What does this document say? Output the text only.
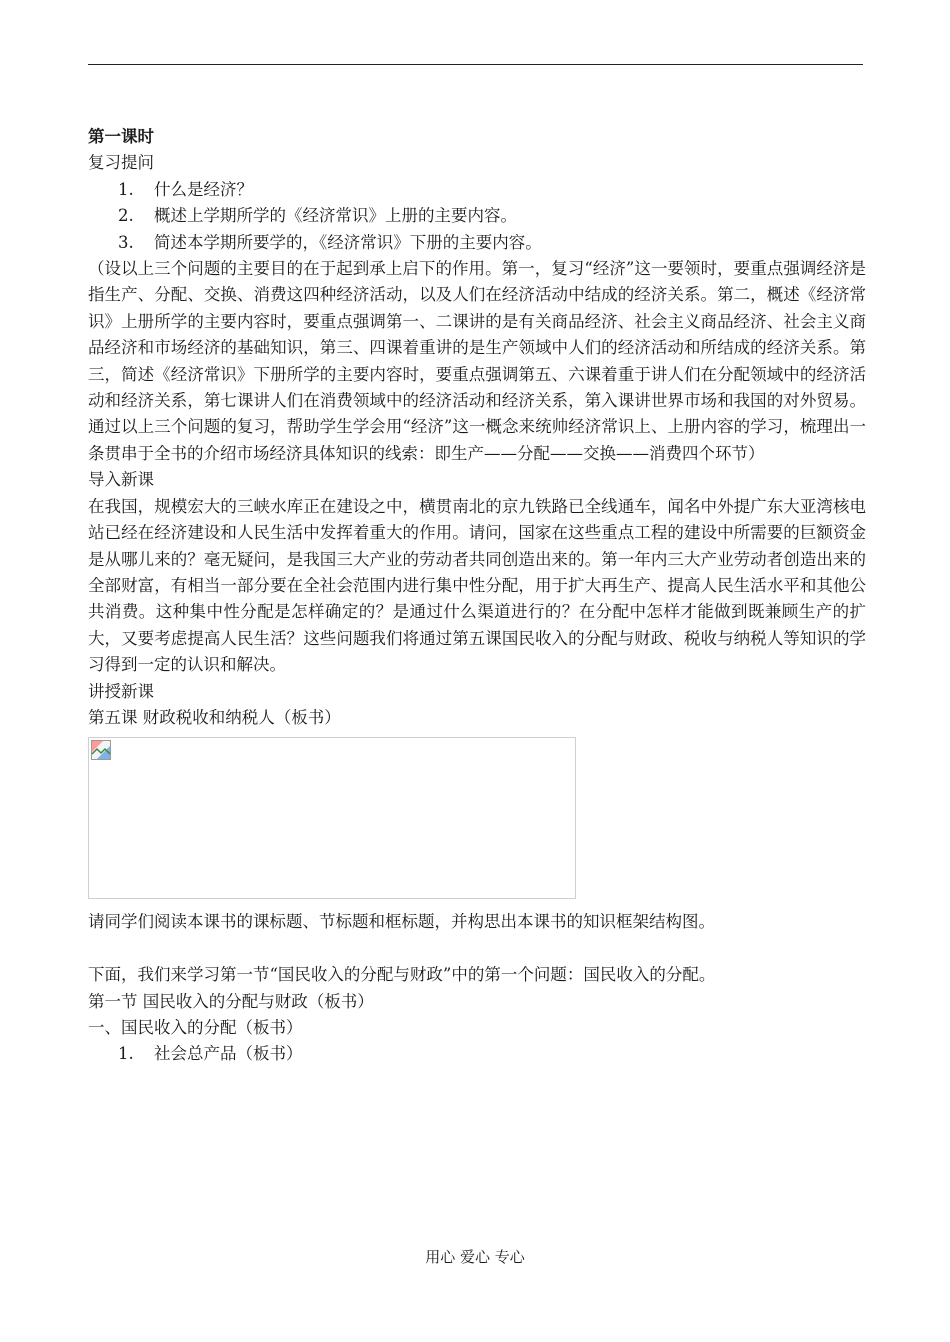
第一课时

复习提问

1. 什么是经济？

2. 概述上学期所学的《经济常识》上册的主要内容。

3. 简述本学期所要学的，《经济常识》下册的主要内容。

（设以上三个问题的主要目的在于起到承上启下的作用。第一，复习“经济”这一要领时，要重点强调经济是指生产、分配、交换、消费这四种经济活动，以及人们在经济活动中结成的经济关系。第二，概述《经济常识》上册所学的主要内容时，要重点强调第一、二课讲的是有关商品经济、社会主义商品经济、社会主义商品经济和市场经济的基础知识，第三、四课着重讲的是生产领域中人们的经济活动和所结成的经济关系。第三，简述《经济常识》下册所学的主要内容时，要重点强调第五、六课着重于讲人们在分配领域中的经济活动和经济关系，第七课讲人们在消费领域中的经济活动和经济关系，第入课讲世界市场和我国的对外贸易。通过以上三个问题的复习，帮助学生学会用“经济”这一概念来统帅经济常识上、上册内容的学习，梳理出一条贯串于全书的介绍市场经济具体知识的线索：即生产——分配——交换——消费四个环节）

导入新课

在我国，规模宏大的三峡水库正在建设之中，横贯南北的京九铁路已全线通车，闻名中外提广东大亚湾核电站已经在经济建设和人民生活中发挥着重大的作用。请问，国家在这些重点工程的建设中所需要的巨额资金是从哪儿来的？毫无疑问，是我国三大产业的劳动者共同创造出来的。第一年内三大产业劳动者创造出来的全部财富，有相当一部分要在全社会范围内进行集中性分配，用于扩大再生产、提高人民生活水平和其他公共消费。这种集中性分配是怎样确定的？是通过什么渠道进行的？在分配中怎样才能做到既兼顾生产的扩大，又要考虑提高人民生活？这些问题我们将通过第五课国民收入的分配与财政、税收与纳税人等知识的学习得到一定的认识和解决。

讲授新课

第五课 财政税收和纳税人（板书）

请同学们阅读本课书的课标题、节标题和框标题，并构思出本课书的知识框架结构图。

下面，我们来学习第一节“国民收入的分配与财政”中的第一个问题：国民收入的分配。

第一节 国民收入的分配与财政（板书）

一、国民收入的分配（板书）

1. 社会总产品（板书）

用心 爱心 专心
